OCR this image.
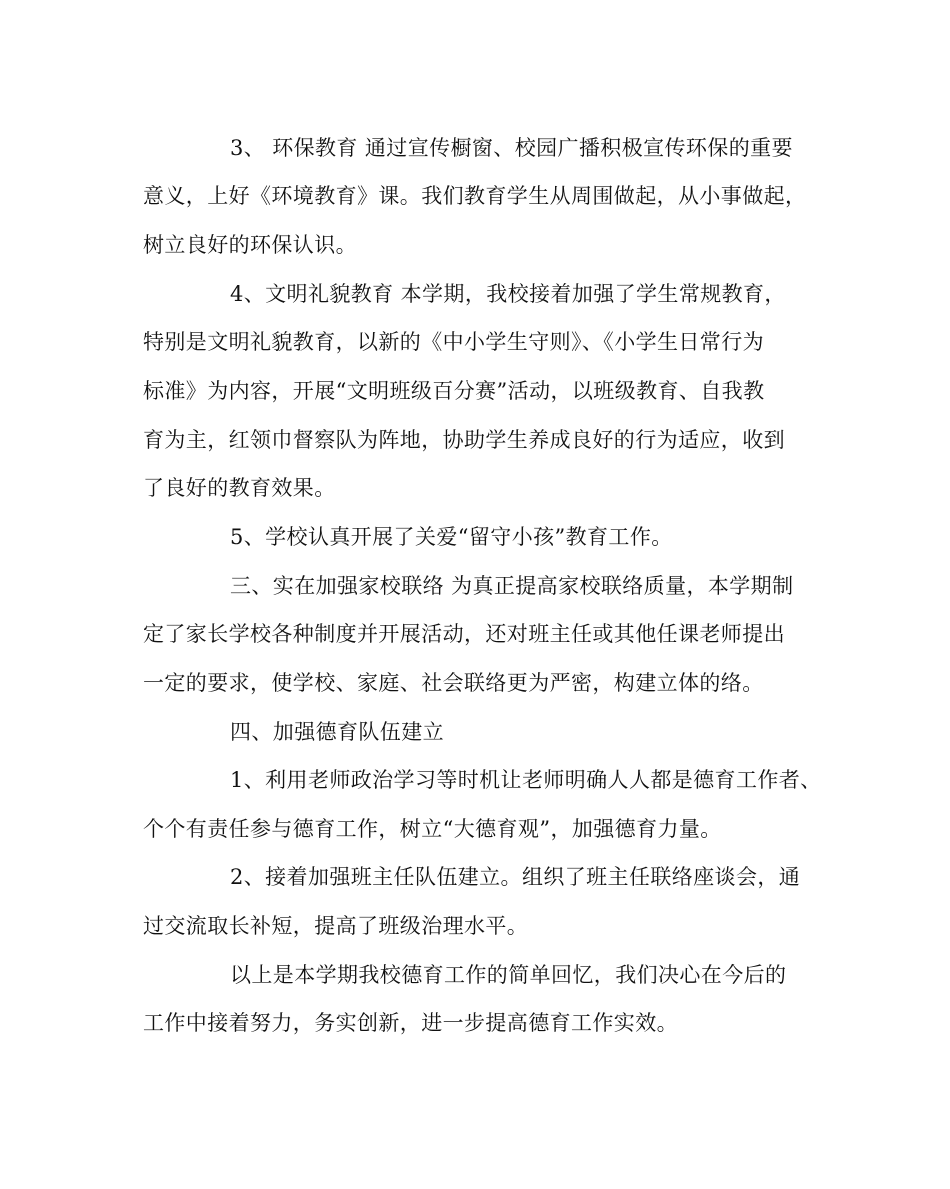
3、 环保教育 通过宣传橱窗、校园广播积极宣传环保的重要
意义，上好《环境教育》课。我们教育学生从周围做起，从小事做起，
树立良好的环保认识。
4、文明礼貌教育 本学期，我校接着加强了学生常规教育，
特别是文明礼貌教育，以新的《中小学生守则》、《小学生日常行为
标准》为内容，开展“文明班级百分赛”活动，以班级教育、自我教
育为主，红领巾督察队为阵地，协助学生养成良好的行为适应，收到
了良好的教育效果。
5、学校认真开展了关爱“留守小孩”教育工作。
三、实在加强家校联络 为真正提高家校联络质量，本学期制
定了家长学校各种制度并开展活动，还对班主任或其他任课老师提出
一定的要求，使学校、家庭、社会联络更为严密，构建立体的络。
四、加强德育队伍建立
1、利用老师政治学习等时机让老师明确人人都是德育工作者、
个个有责任参与德育工作，树立“大德育观”，加强德育力量。
2、接着加强班主任队伍建立。组织了班主任联络座谈会，通
过交流取长补短，提高了班级治理水平。
以上是本学期我校德育工作的简单回忆，我们决心在今后的
工作中接着努力，务实创新，进一步提高德育工作实效。
